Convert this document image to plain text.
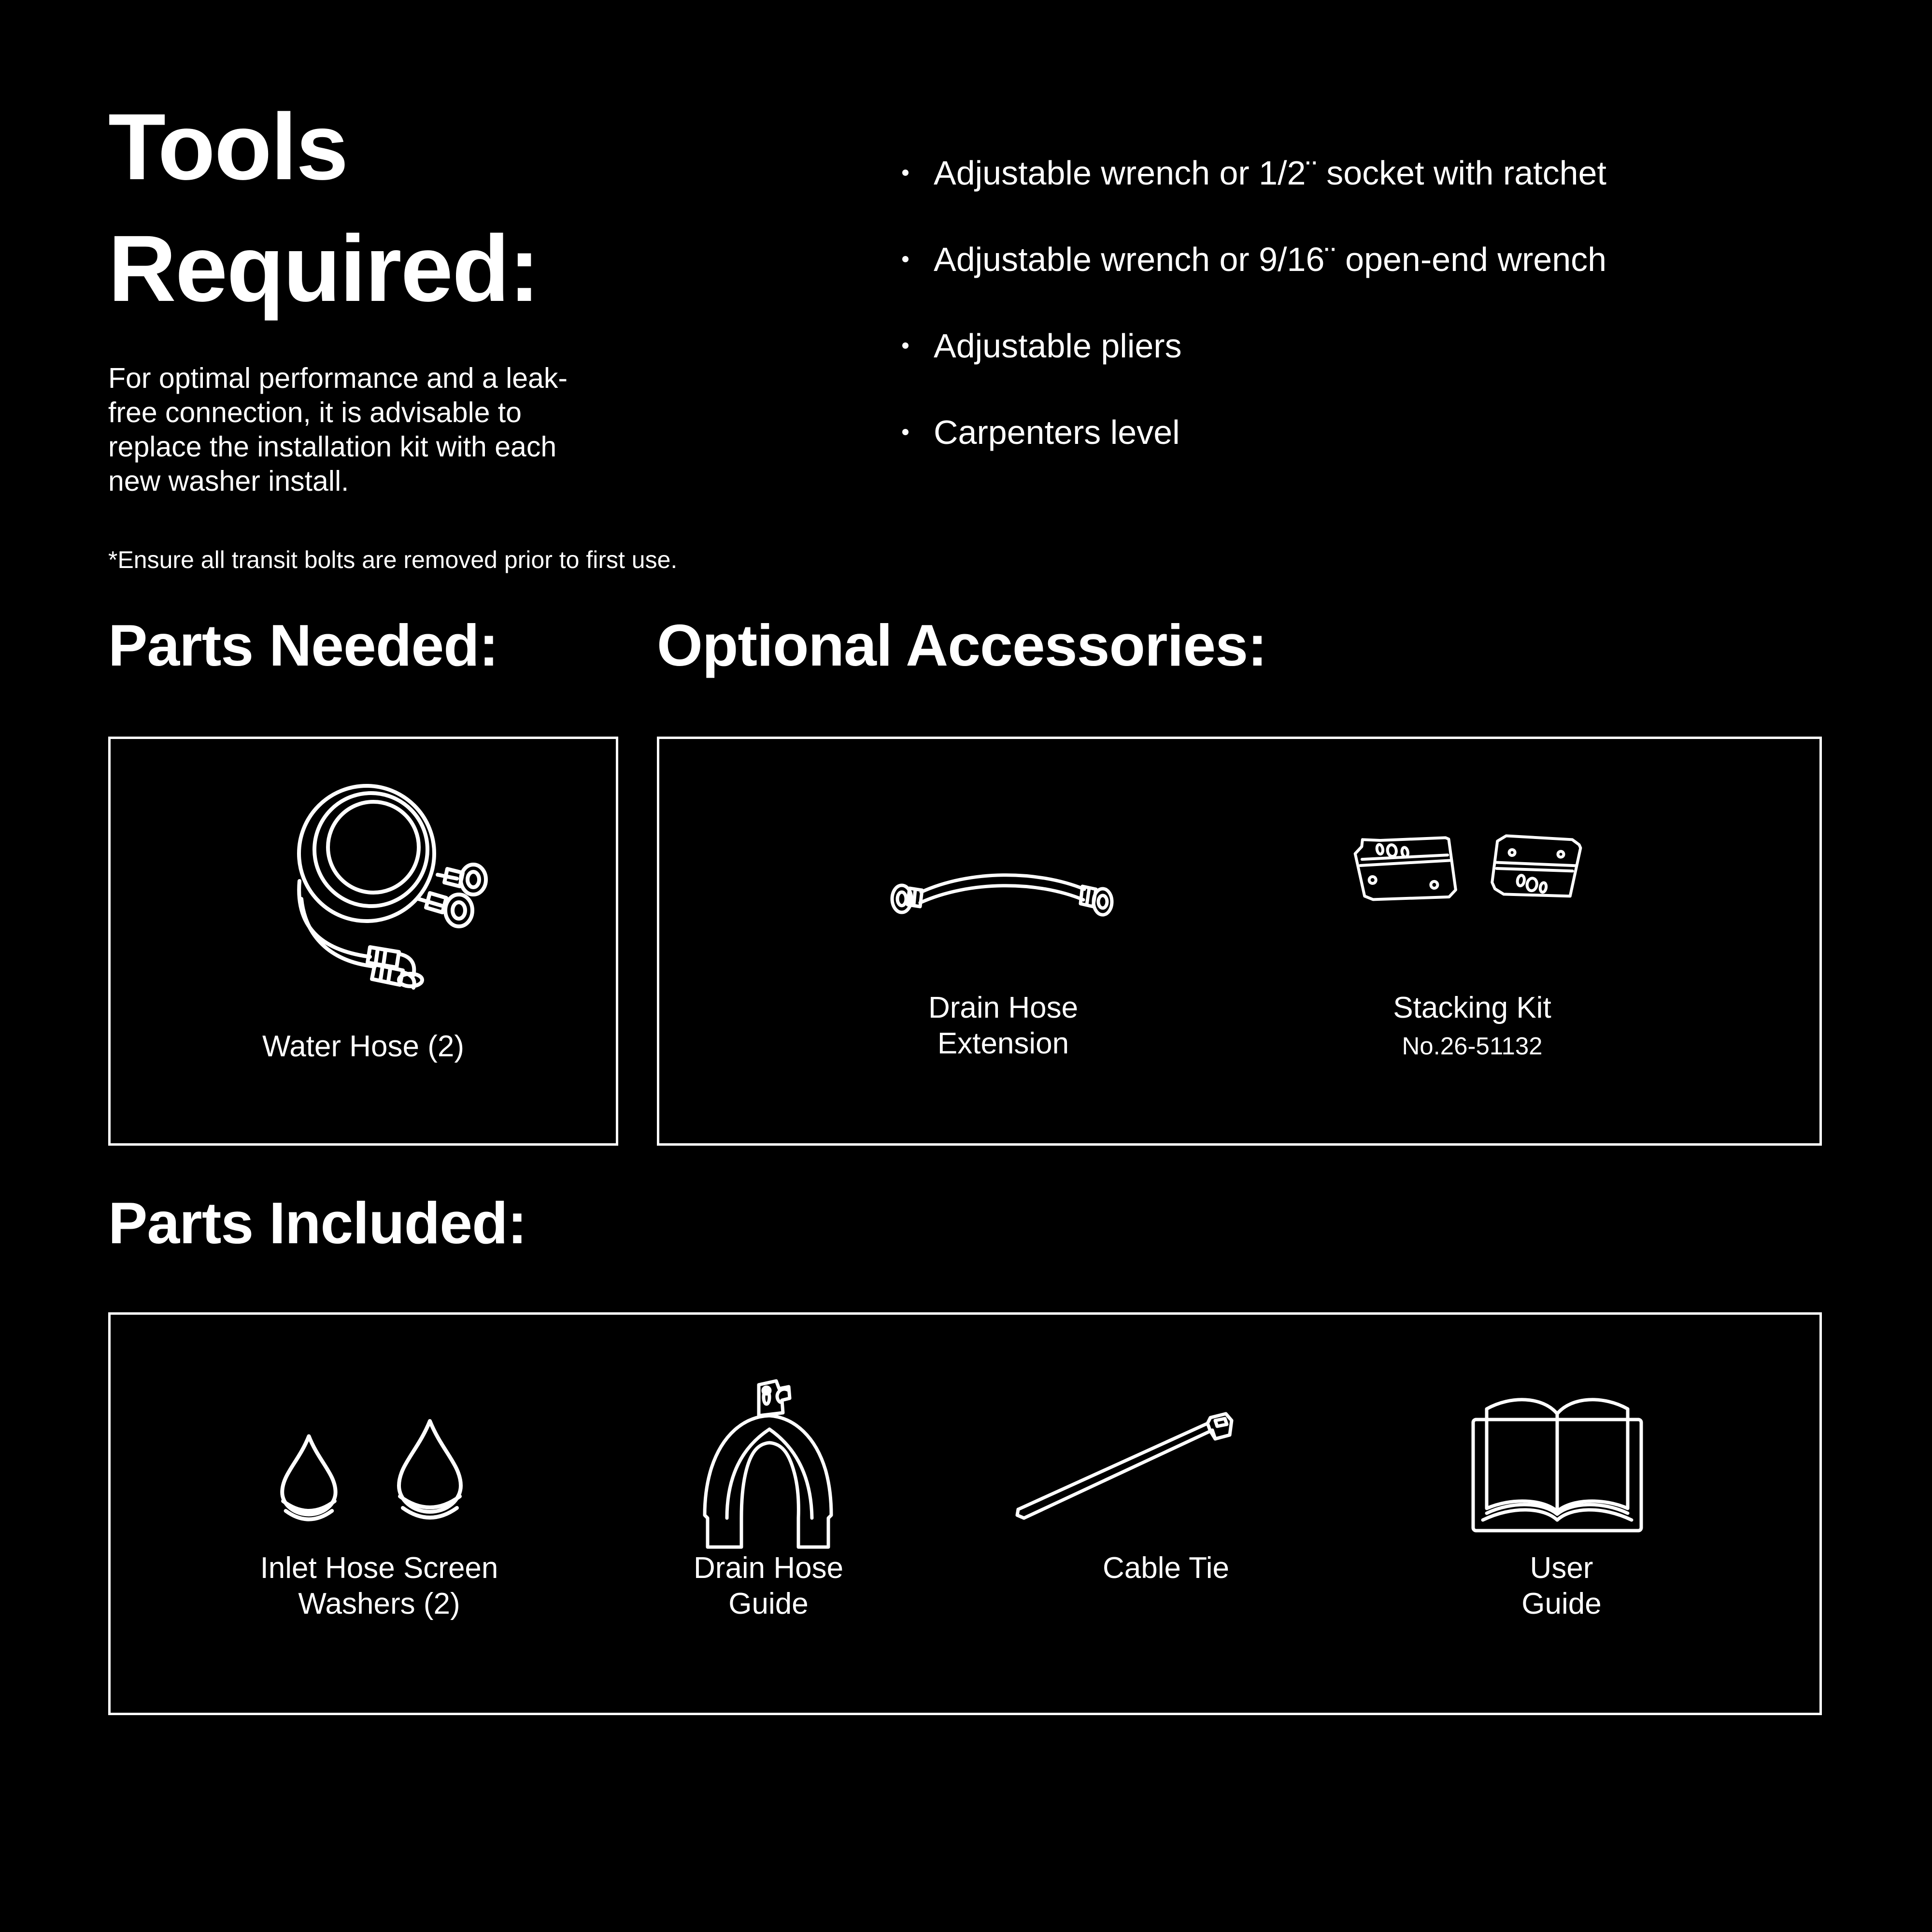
Tools
Required:
Adjustable wrench or 1/2¨ socket with ratchet
Adjustable wrench or 9/16¨ open-end wrench
Adjustable pliers
Carpenters level
For optimal performance and a leak-
free connection, it is advisable to
replace the installation kit with each
new washer install.
*Ensure all transit bolts are removed prior to first use.
Parts Needed:	Optional Accessories:
Water Hose (2)
Drain Hose
Extension
Stacking Kit
No.26-51132
Parts Included:
Inlet Hose Screen
Washers (2)
Drain Hose
Guide
Cable Tie	User
Guide
